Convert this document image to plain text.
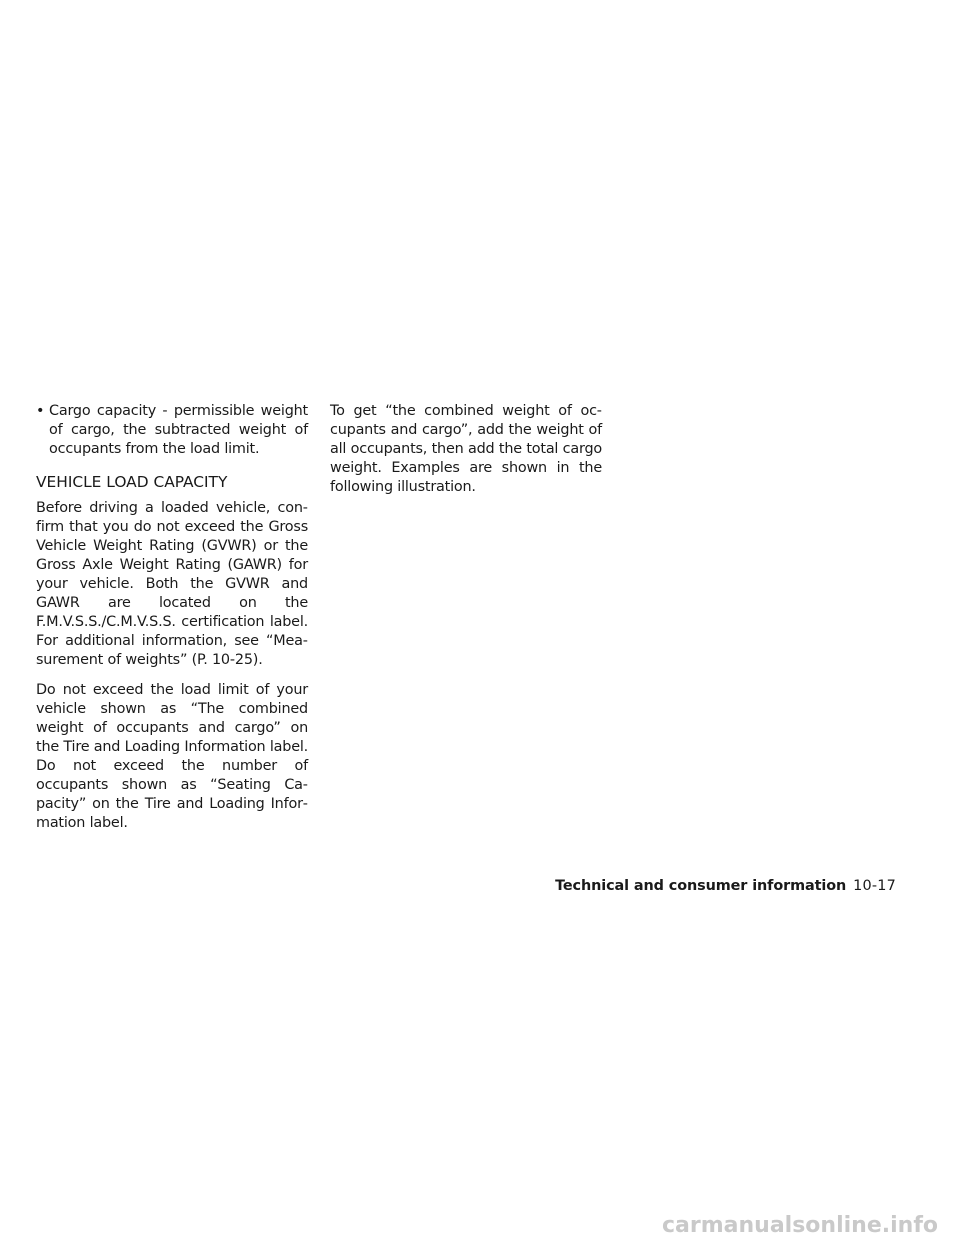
• Cargo capacity - permissible weight of cargo, the subtracted weight of occupants from the load limit.

VEHICLE LOAD CAPACITY

Before driving a loaded vehicle, confirm that you do not exceed the Gross Vehicle Weight Rating (GVWR) or the Gross Axle Weight Rating (GAWR) for your vehicle. Both the GVWR and GAWR are located on the F.M.V.S.S./C.M.V.S.S. certification label. For additional information, see “Measurement of weights” (P. 10-25).

Do not exceed the load limit of your vehicle shown as “The combined weight of occupants and cargo” on the Tire and Loading Information label. Do not exceed the number of occupants shown as “Seating Capacity” on the Tire and Loading Information label.

To get “the combined weight of occupants and cargo”, add the weight of all occupants, then add the total cargo weight. Examples are shown in the following illustration.

Technical and consumer information 10-17
carmanualsonline.info
